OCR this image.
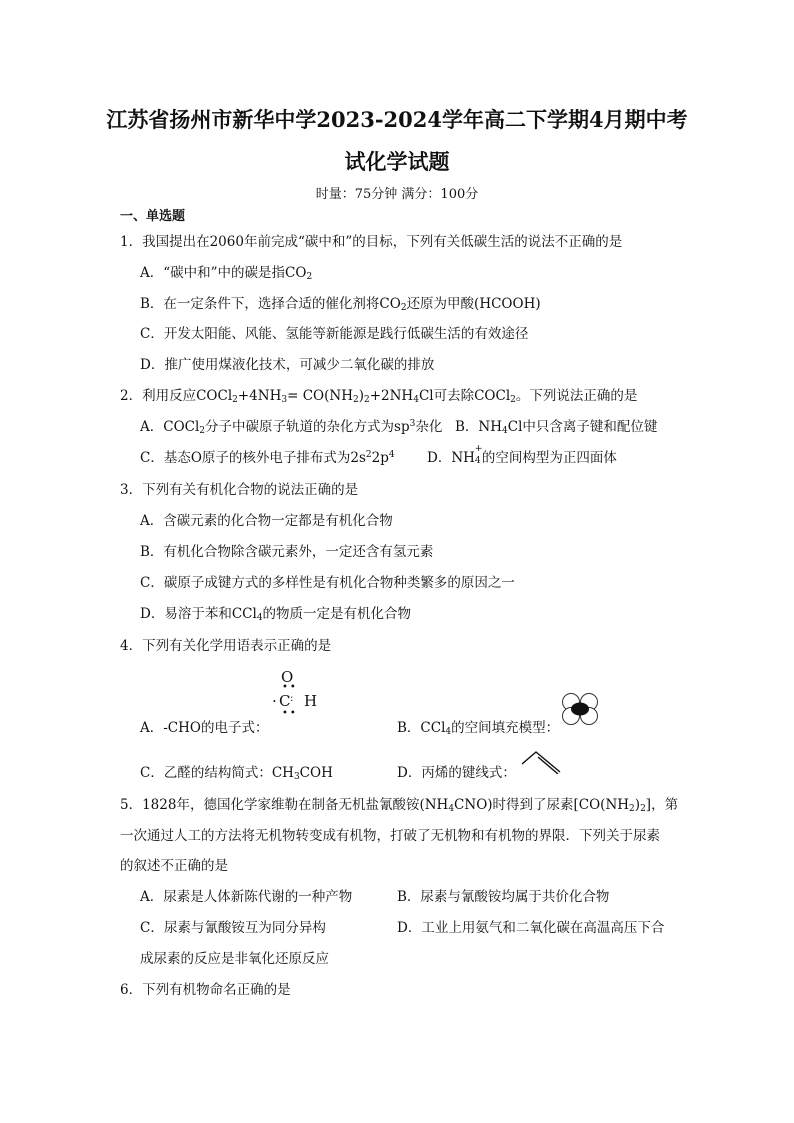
江苏省扬州市新华中学2023-2024学年高二下学期4月期中考
试化学试题
时量：75分钟 满分：100分
一、单选题
1．我国提出在2060年前完成“碳中和”的目标，下列有关低碳生活的说法不正确的是
A．“碳中和”中的碳是指$CO_2$
B．在一定条件下，选择合适的催化剂将$CO_2$还原为甲酸(HCOOH)
C．开发太阳能、风能、氢能等新能源是践行低碳生活的有效途径
D．推广使用煤液化技术，可减少二氧化碳的排放
2．利用反应$COCl_2+4NH_3= CO(NH_2)_2+2NH_4Cl$可去除COCl$_2$。下列说法正确的是
A．COCl$_2$分子中碳原子轨道的杂化方式为$sp^3$杂化 B．$NH_4Cl$中只含离子键和配位键
C．基态O原子的核外电子排布式为$2s^22p^4$ D．NH
+
4 的空间构型为正四面体
3．下列有关有机化合物的说法正确的是
A．含碳元素的化合物一定都是有机化合物
B．有机化合物除含碳元素外，一定还含有氢元素
C．碳原子成键方式的多样性是有机化合物种类繁多的原因之一
D．易溶于苯和CCl$_4$的物质一定是有机化合物
4．下列有关化学用语表示正确的是
O
••
· C : H
••
A．-CHO的电子式：	B．CCl$_4$的空间填充模型：
C．乙醛的结构简式：$CH_3COH$	D．丙烯的键线式：
5．1828年，德国化学家维勒在制备无机盐氰酸铵$(NH_4CNO)$时得到了尿素$[CO(NH_2)_2]$，第
一次通过人工的方法将无机物转变成有机物，打破了无机物和有机物的界限．下列关于尿素
的叙述不正确的是
A．尿素是人体新陈代谢的一种产物	B．尿素与氰酸铵均属于共价化合物
C．尿素与氰酸铵互为同分异构	D．工业上用氨气和二氧化碳在高温高压下合
成尿素的反应是非氧化还原反应
6．下列有机物命名正确的是
